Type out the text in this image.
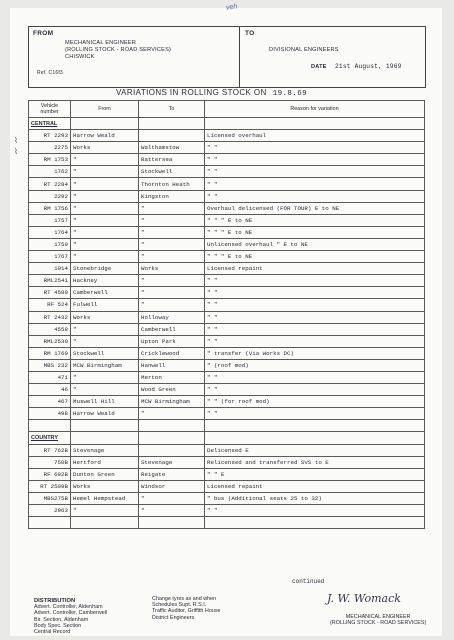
veh
FROM
MECHANICAL ENGINEER
(ROLLING STOCK - ROAD SERVICES)
CHISWICK
Ref. C16f3
TO
DIVISIONAL ENGINEERS
DATE 21st August, 1969
VARIATIONS IN ROLLING STOCK ON 19.8.69
Vehicle number	From	To	Reason for variation
CENTRAL			
RT 2293	Harrow Weald		Licensed overhaul
2275	Works	Walthamstow	" "
RM 1753	"	Battersea	" "
1762	"	Stockwell	" "
RT 2284	"	Thornton Heath	" "
2292	"	Kingston	" "
RM 1756	"	"	Overhaul delicensed (FOR TOUR) E to NE
1757	"	"	" " " E to NE
1764	"	"	" " " E to NE
1759	"	"	Unlicensed overhaul " E to NE
1767	"	"	" " " E to NE
1014	Stonebridge	Works	Licensed repaint
RML2541	Hackney	"	" "
RT 4580	Camberwell	"	" "
RF 524	Fulwell	"	" "
RT 2432	Works	Holloway	" "
4558	"	Camberwell	" "
RML2530	"	Upton Park	" "
RM 1760	Stockwell	Cricklewood	" transfer (Via Works DC)
MBS 232	MCW Birmingham	Hanwell	" (roof mod)
471	"	Merton	" "
46	"	Wood Green	" "
467	Muswell Hill	MCW Birmingham	" " (for roof mod)
498	Harrow Weald	"	" "

COUNTRY			
RT 762B	Stevenage		Delicensed E
750B	Hertford	Stevenage	Relicensed and transferred SVS to E
RF 692B	Dunton Green	Reigate	" " E
RT 2509B	Works	Windsor	Licensed repaint
MBS275B	Hemel Hempstead	"	" bus (Additional seats 25 to 32)
2963	"	"	" "

⌇
⌇
continued
DISTRIBUTION
Advert. Controller, Aldenham
Advert. Controller, Camberwell
Bir. Section, Aldenham
Body Spec. Section
Central Record
Change tyres as and when
Schedules Supt. R.S.I.
Traffic Auditor, Griffith House
District Engineers
J. W. Womack
MECHANICAL ENGINEER
(ROLLING STOCK - ROAD SERVICES)
